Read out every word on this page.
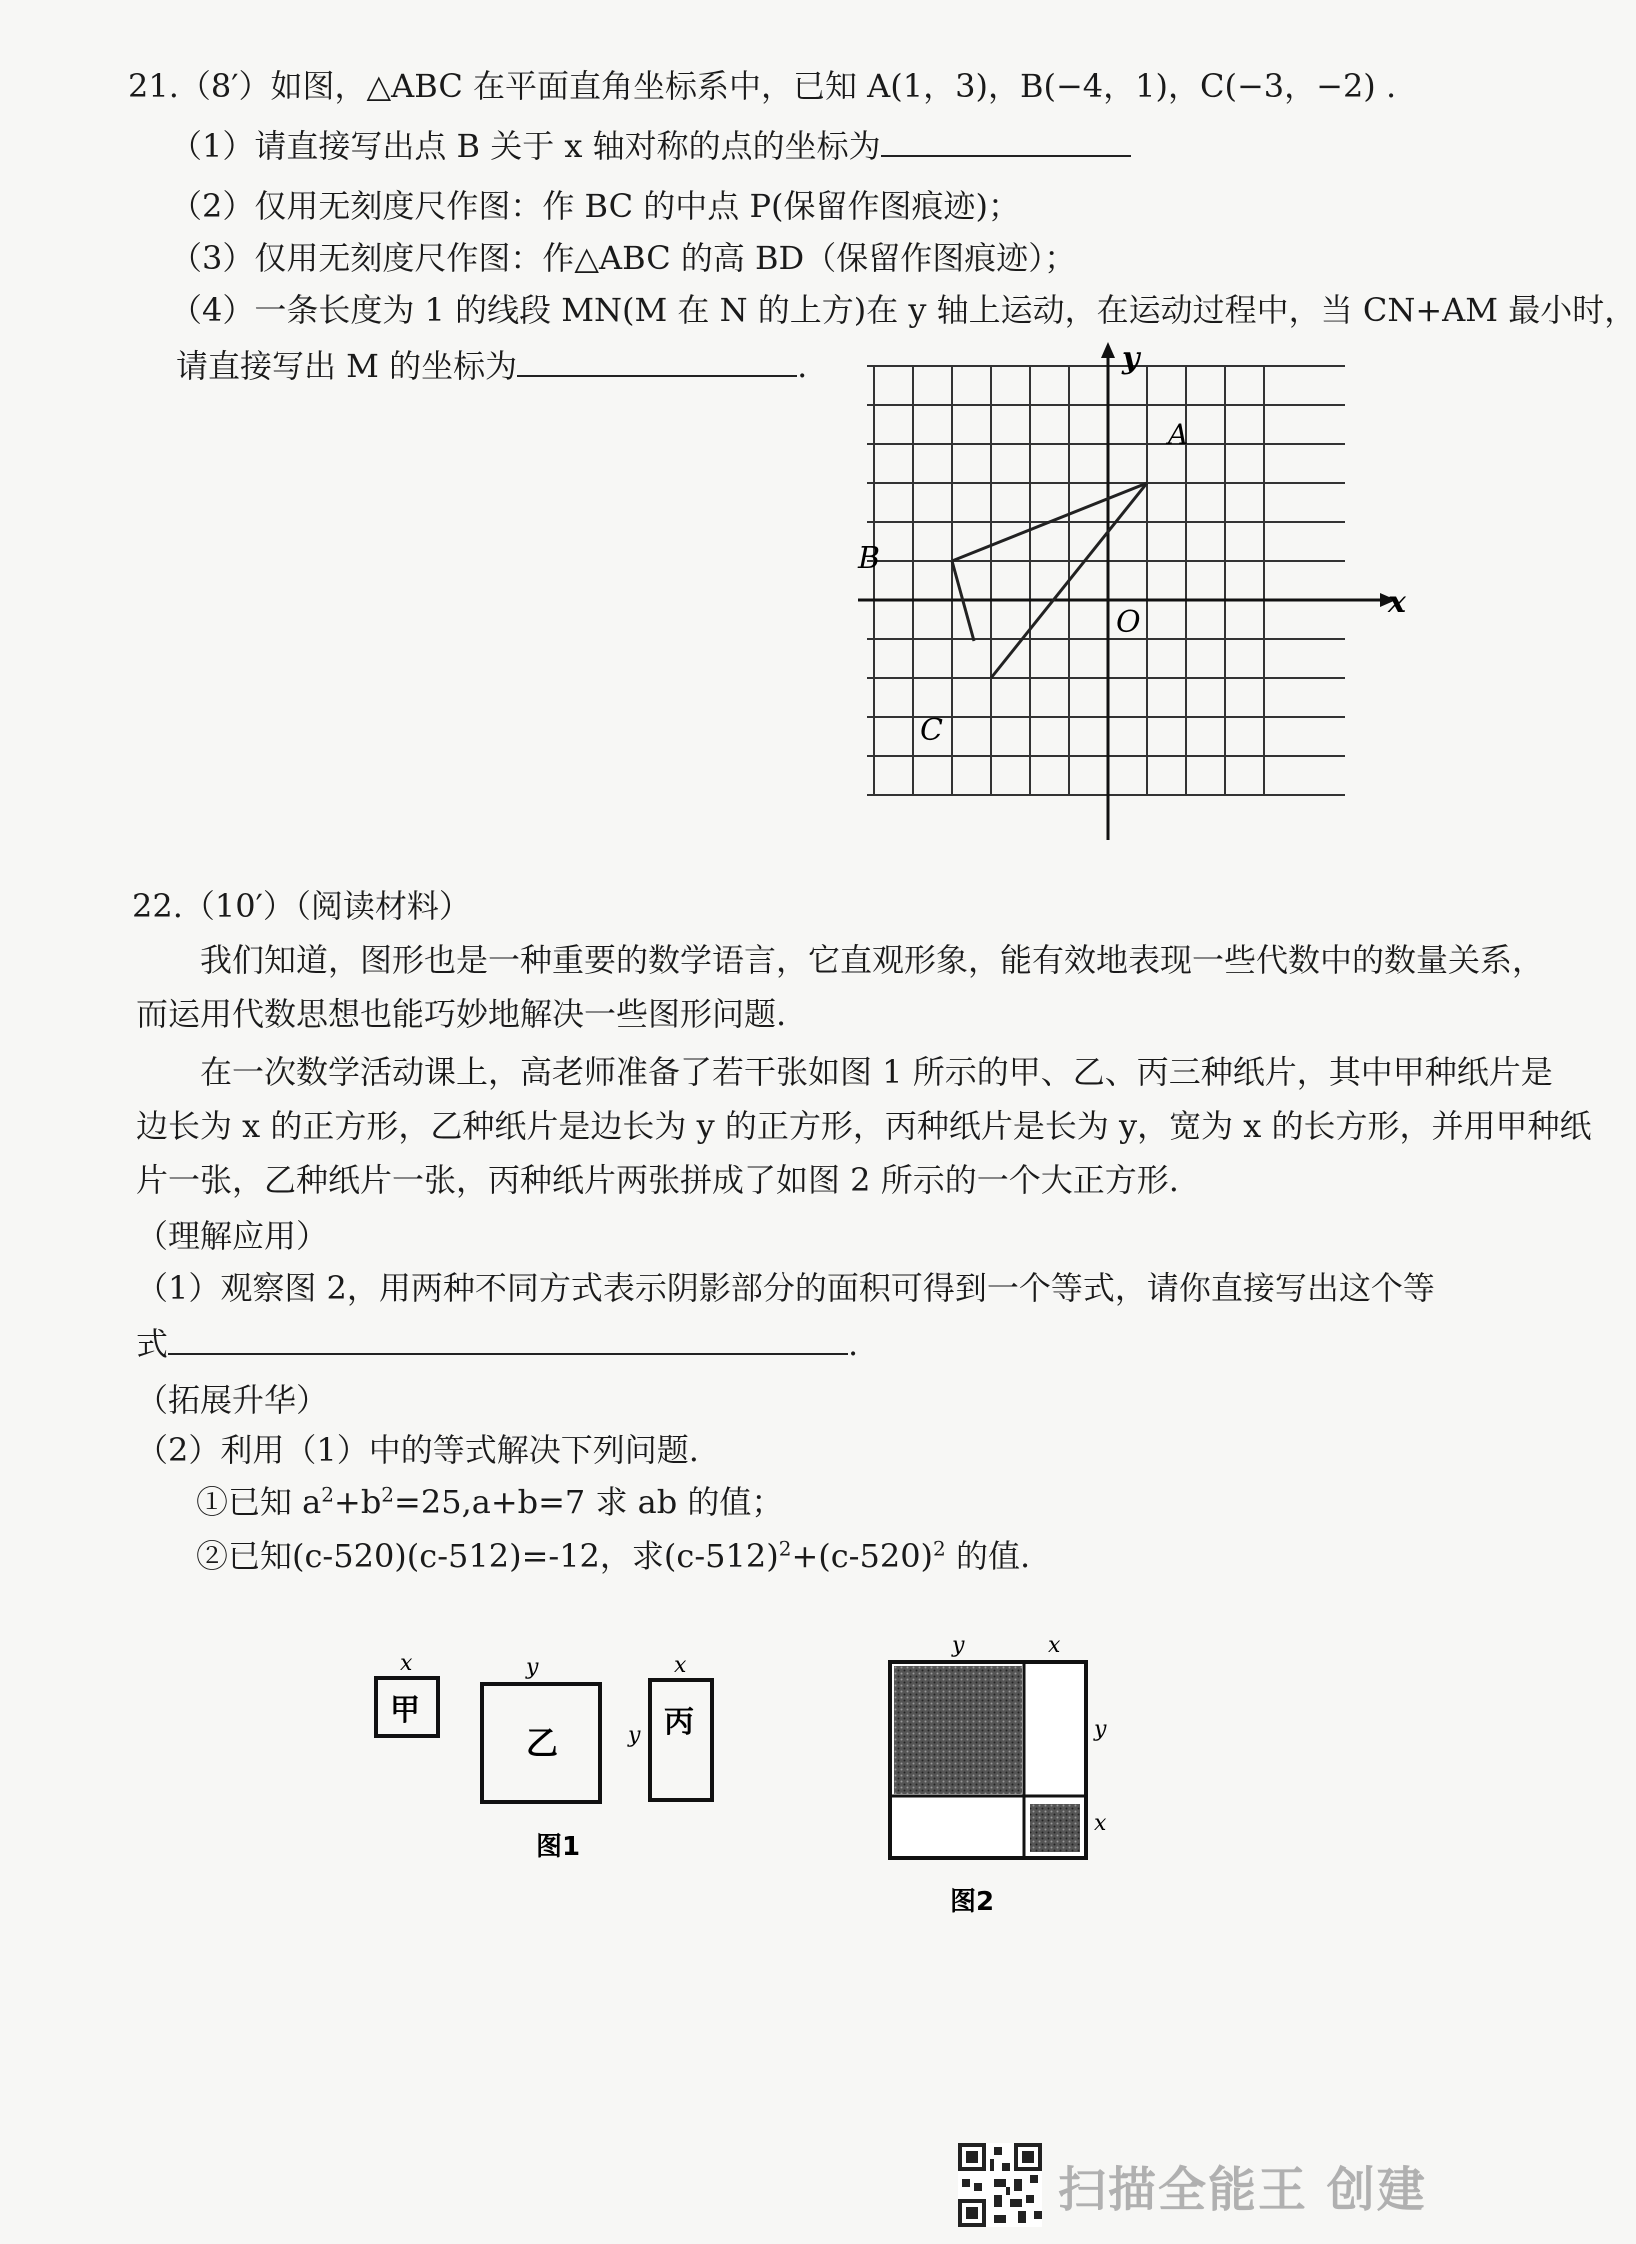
21.（8′）如图，△ABC 在平面直角坐标系中，已知 A(1，3)，B(−4，1)，C(−3，−2) .
（1）请直接写出点 B 关于 x 轴对称的点的坐标为
（2）仅用无刻度尺作图：作 BC 的中点 P(保留作图痕迹)；
（3）仅用无刻度尺作图：作△ABC 的高 BD（保留作图痕迹）；
（4）一条长度为 1 的线段 MN(M 在 N 的上方)在 y 轴上运动，在运动过程中，当 CN+AM 最小时，
请直接写出 M 的坐标为	.
x
y
O
A
B
C
22.（10′）（阅读材料）
我们知道，图形也是一种重要的数学语言，它直观形象，能有效地表现一些代数中的数量关系，
而运用代数思想也能巧妙地解决一些图形问题.
在一次数学活动课上，高老师准备了若干张如图 1 所示的甲、乙、丙三种纸片，其中甲种纸片是
边长为 x 的正方形，乙种纸片是边长为 y 的正方形，丙种纸片是长为 y，宽为 x 的长方形，并用甲种纸
片一张，乙种纸片一张，丙种纸片两张拼成了如图 2 所示的一个大正方形.
（理解应用）
（1）观察图 2，用两种不同方式表示阴影部分的面积可得到一个等式，请你直接写出这个等
式	.
（拓展升华）
（2）利用（1）中的等式解决下列问题.
①已知 $a^2+b^2=25,a+b=7$ 求 ab 的值；
②已知(c-520)(c-512)=-12，求$(c-512)^2+(c-520)^2$ 的值.
甲
x
乙
y
丙
x
y
图1
y	x
y
x
图2
扫描全能王 创建
